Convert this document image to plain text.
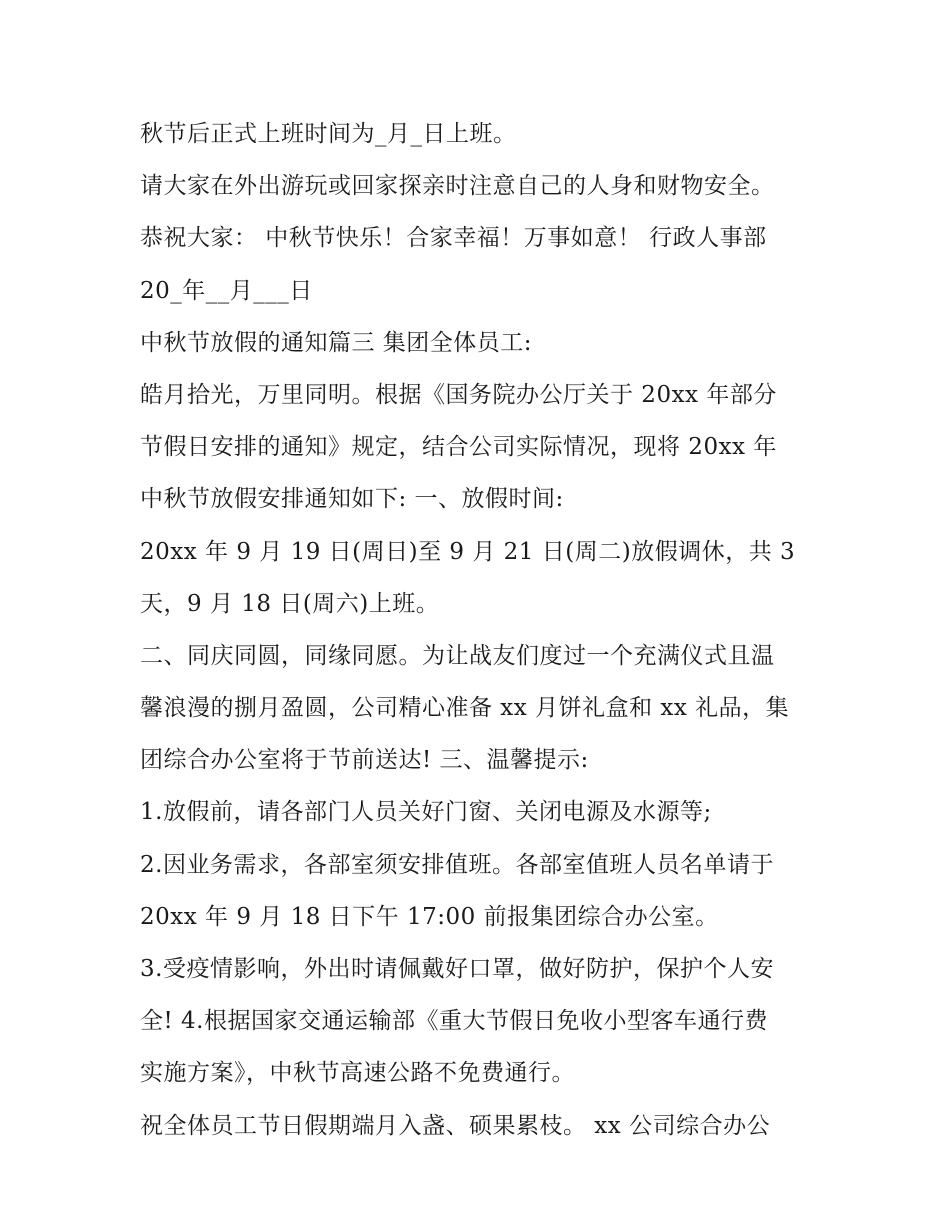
秋节后正式上班时间为_月_日上班。
请大家在外出游玩或回家探亲时注意自己的人身和财物安全。
恭祝大家： 中秋节快乐！合家幸福！万事如意！ 行政人事部
20_年__月___日
中秋节放假的通知篇三 集团全体员工:
皓月拾光，万里同明。根据《国务院办公厅关于 20xx 年部分
节假日安排的通知》规定，结合公司实际情况，现将 20xx 年
中秋节放假安排通知如下: 一、放假时间:
20xx 年 9 月 19 日(周日)至 9 月 21 日(周二)放假调休，共 3
天，9 月 18 日(周六)上班。
二、同庆同圆，同缘同愿。为让战友们度过一个充满仪式且温
馨浪漫的捌月盈圆，公司精心准备 xx 月饼礼盒和 xx 礼品，集
团综合办公室将于节前送达! 三、温馨提示:
1.放假前，请各部门人员关好门窗、关闭电源及水源等;
2.因业务需求，各部室须安排值班。各部室值班人员名单请于
20xx 年 9 月 18 日下午 17:00 前报集团综合办公室。
3.受疫情影响，外出时请佩戴好口罩，做好防护，保护个人安
全! 4.根据国家交通运输部《重大节假日免收小型客车通行费
实施方案》，中秋节高速公路不免费通行。
祝全体员工节日假期端月入盏、硕果累枝。 xx 公司综合办公
